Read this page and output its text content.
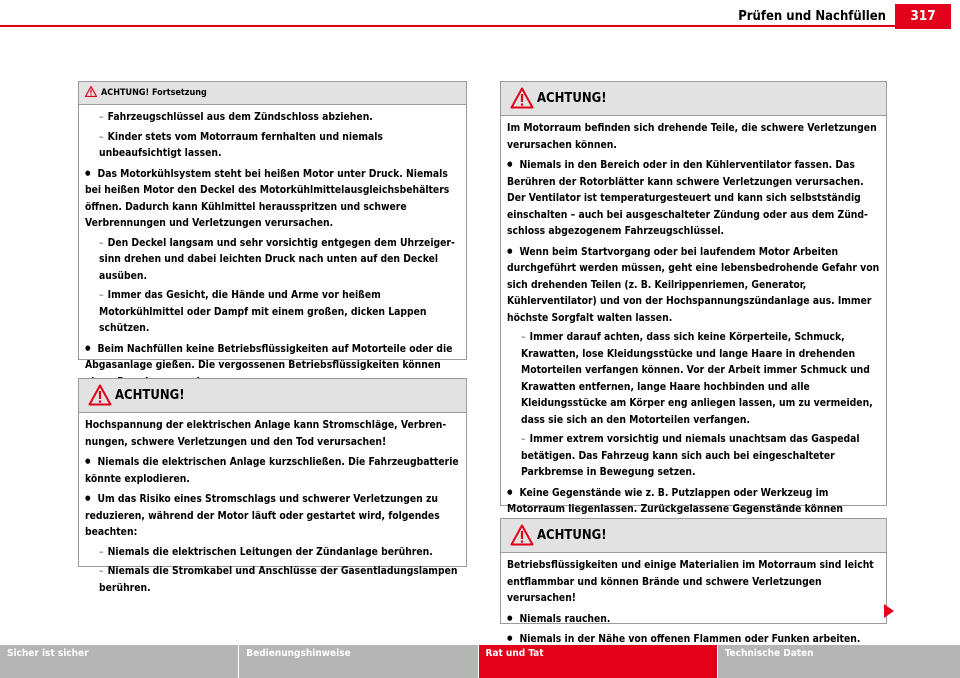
Prüfen und Nachfüllen	317
ACHTUNG! Fortsetzung
– Fahrzeugschlüssel aus dem Zündschloss abziehen.
– Kinder stets vom Motorraum fernhalten und niemals unbeaufsichtigt lassen.
● Das Motorkühlsystem steht bei heißen Motor unter Druck. Niemals bei heißen Motor den Deckel des Motorkühlmittelausgleichsbehälters öffnen. Dadurch kann Kühlmittel herausspritzen und schwere Verbrennungen und Verletzungen verursachen.
– Den Deckel langsam und sehr vorsichtig entgegen dem Uhrzeigersinn drehen und dabei leichten Druck nach unten auf den Deckel ausüben.
– Immer das Gesicht, die Hände und Arme vor heißem Motorkühlmittel oder Dampf mit einem großen, dicken Lappen schützen.
● Beim Nachfüllen keine Betriebsflüssigkeiten auf Motorteile oder die Abgasanlage gießen. Die vergossenen Betriebsflüssigkeiten können
ACHTUNG!
Hochspannung der elektrischen Anlage kann Stromschläge, Verbrennungen, schwere Verletzungen und den Tod verursachen!
● Niemals die elektrischen Anlage kurzschließen. Die Fahrzeugbatterie könnte explodieren.
● Um das Risiko eines Stromschlags und schwerer Verletzungen zu reduzieren, während der Motor läuft oder gestartet wird, folgendes beachten:
– Niemals die elektrischen Leitungen der Zündanlage berühren.
– Niemals die Stromkabel und Anschlüsse der Gasentladungslampen berühren.
ACHTUNG!
Im Motorraum befinden sich drehende Teile, die schwere Verletzungen verursachen können.
● Niemals in den Bereich oder in den Kühlerventilator fassen. Das Berühren der Rotorblätter kann schwere Verletzungen verursachen. Der Ventilator ist temperaturgesteuert und kann sich selbstständig einschalten – auch bei ausgeschalteter Zündung oder aus dem Zündschloss abgezogenem Fahrzeugschlüssel.
● Wenn beim Startvorgang oder bei laufendem Motor Arbeiten durchgeführt werden müssen, geht eine lebensbedrohende Gefahr von sich drehenden Teilen (z. B. Keilrippenriemen, Generator, Kühlerventilator) und von der Hochspannungszündanlage aus. Immer höchste Sorgfalt walten lassen.
– Immer darauf achten, dass sich keine Körperteile, Schmuck, Krawatten, lose Kleidungsstücke und lange Haare in drehenden Motorteilen verfangen können. Vor der Arbeit immer Schmuck und Krawatten entfernen, lange Haare hochbinden und alle Kleidungsstücke am Körper eng anliegen lassen, um zu vermeiden, dass sie sich an den Motorteilen verfangen.
– Immer extrem vorsichtig und niemals unachtsam das Gaspedal betätigen. Das Fahrzeug kann sich auch bei eingeschalteter Parkbremse in Bewegung setzen.
● Keine Gegenstände wie z. B. Putzlappen oder Werkzeug im Motorraum liegenlassen. Zurückgelassene Gegenstände können
ACHTUNG!
Betriebsflüssigkeiten und einige Materialien im Motorraum sind leicht entflammbar und können Brände und schwere Verletzungen verursachen!
● Niemals rauchen.
● Niemals in der Nähe von offenen Flammen oder Funken arbeiten.
Sicher ist sicher	Bedienungshinweise	Rat und Tat	Technische Daten
